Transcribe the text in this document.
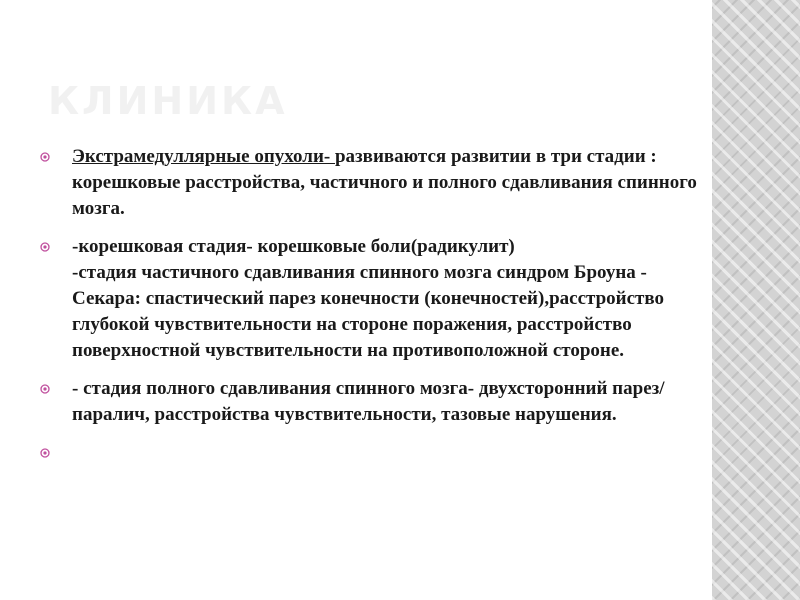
КЛИНИКА
Экстрамедуллярные опухоли- развиваются развитии в три стадии : корешковые расстройства, частичного и полного сдавливания спинного мозга.
-корешковая стадия- корешковые боли(радикулит)
-стадия частичного сдавливания спинного мозга синдром Броуна - Секара: спастический парез конечности (конечностей),расстройство глубокой чувствительности на стороне поражения, расстройство поверхностной чувствительности на противоположной стороне.
- стадия полного сдавливания спинного мозга- двухсторонний парез/ паралич, расстройства чувствительности, тазовые нарушения.
